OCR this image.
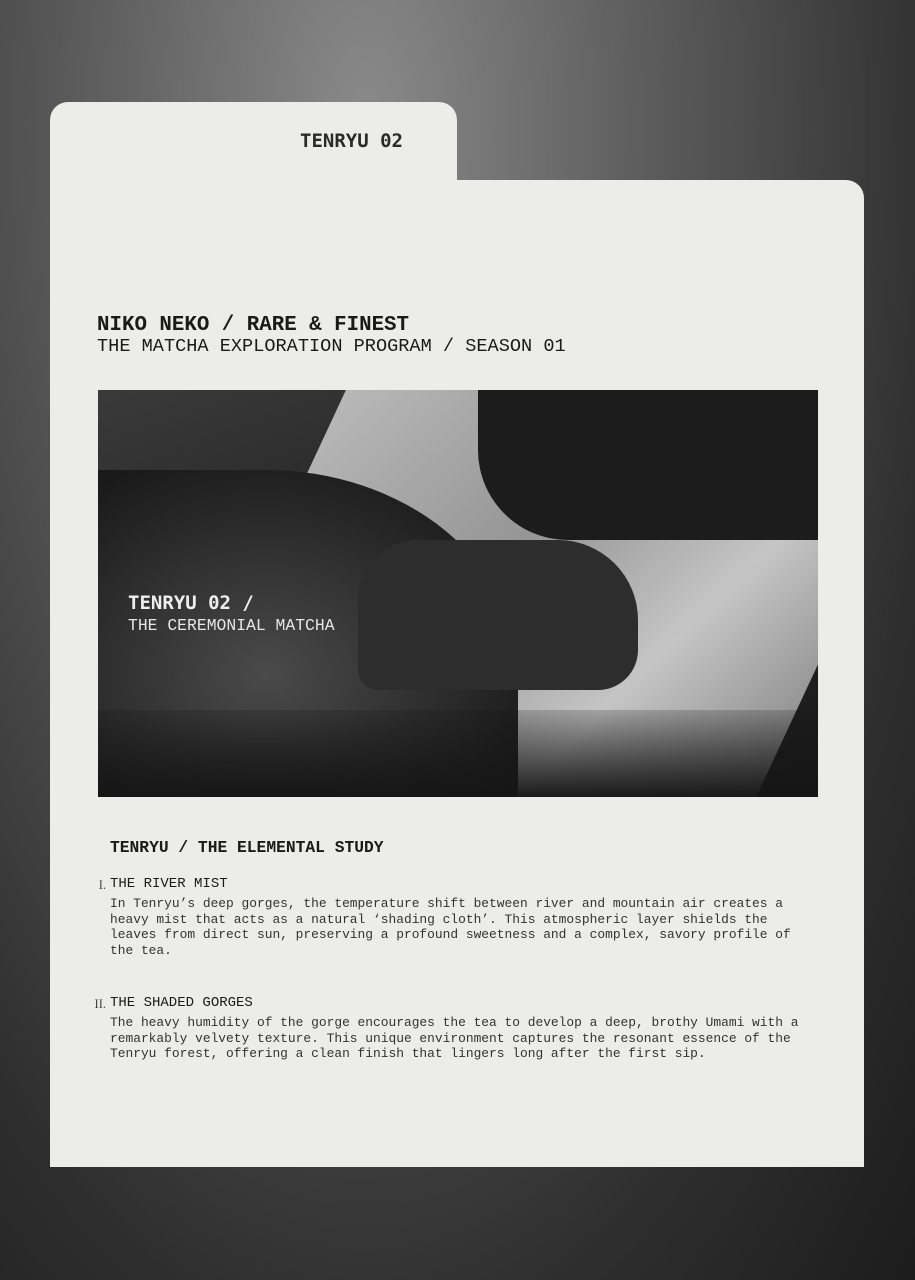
TENRYU 02
NIKO NEKO / RARE & FINEST
THE MATCHA EXPLORATION PROGRAM / SEASON 01
TENRYU 02 /
THE CEREMONIAL MATCHA
TENRYU / THE ELEMENTAL STUDY
I. THE RIVER MIST

In Tenryu’s deep gorges, the temperature shift between river and mountain air creates a
heavy mist that acts as a natural ‘shading cloth’. This atmospheric layer shields the
leaves from direct sun, preserving a profound sweetness and a complex, savory profile of
the tea.

II. THE SHADED GORGES

The heavy humidity of the gorge encourages the tea to develop a deep, brothy Umami with a
remarkably velvety texture. This unique environment captures the resonant essence of the
Tenryu forest, offering a clean finish that lingers long after the first sip.
